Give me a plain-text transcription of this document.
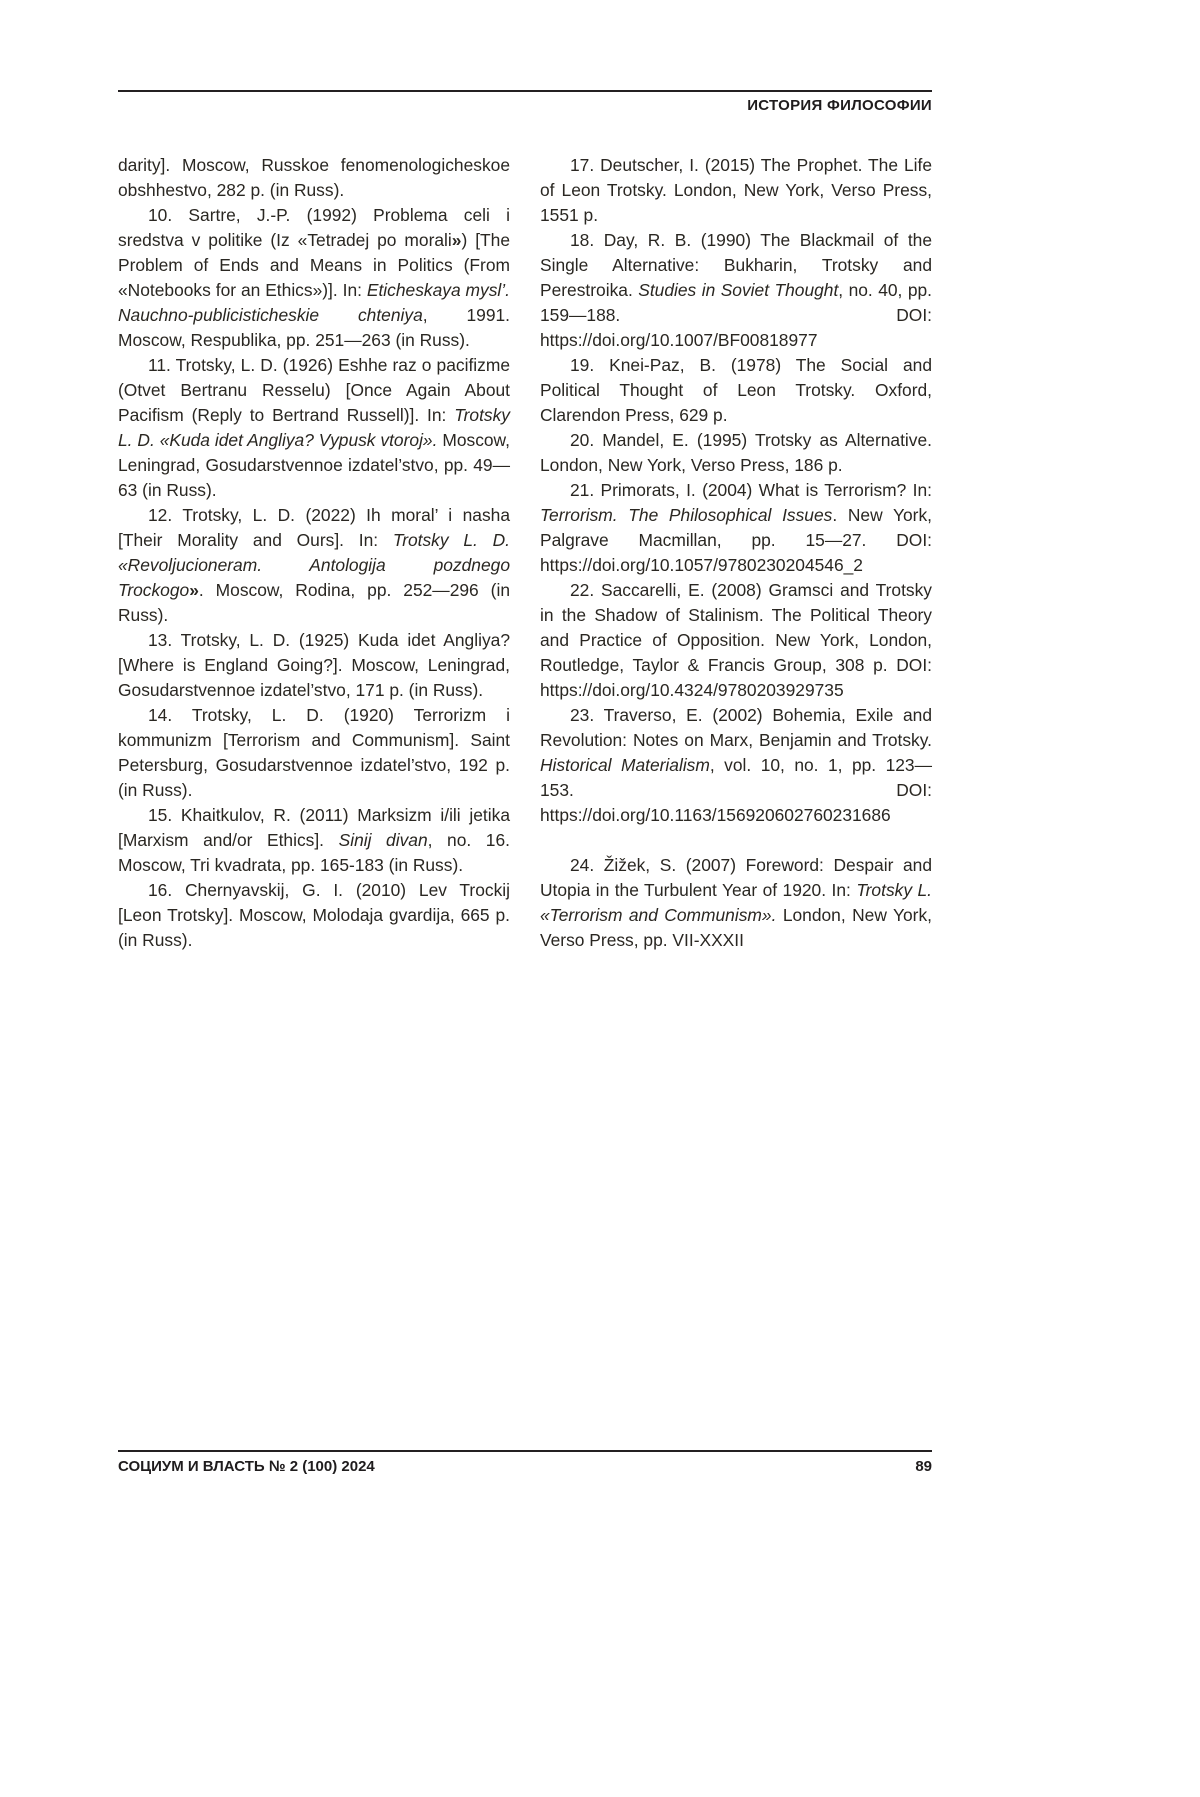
ИСТОРИЯ ФИЛОСОФИИ

darity]. Moscow, Russkoe fenomenologicheskoe obshhestvo, 282 p. (in Russ).

10. Sartre, J.-P. (1992) Problema celi i sredstva v politike (Iz «Tetradej po morali») [The Problem of Ends and Means in Politics (From «Notebooks for an Ethics»)]. In: Eticheskaya mysl’. Nauchno-publicisticheskie chteniya, 1991. Moscow, Respublika, pp. 251—263 (in Russ).

11. Trotsky, L. D. (1926) Eshhe raz o pacifizme (Otvet Bertranu Resselu) [Once Again About Pacifism (Reply to Bertrand Russell)]. In: Trotsky L. D. «Kuda idet Angliya? Vypusk vtoroj». Moscow, Leningrad, Gosudarstvennoe izdatel’stvo, pp. 49—63 (in Russ).

12. Trotsky, L. D. (2022) Ih moral’ i nasha [Their Morality and Ours]. In: Trotsky L. D. «Revoljucioneram. Antologija pozdnego Trockogo». Moscow, Rodina, pp. 252—296 (in Russ).

13. Trotsky, L. D. (1925) Kuda idet Angliya? [Where is England Going?]. Moscow, Leningrad, Gosudarstvennoe izdatel’stvo, 171 p. (in Russ).

14. Trotsky, L. D. (1920) Terrorizm i kommunizm [Terrorism and Communism]. Saint Petersburg, Gosudarstvennoe izdatel’stvo, 192 p. (in Russ).

15. Khaitkulov, R. (2011) Marksizm i/ili jetika [Marxism and/or Ethics]. Sinij divan, no. 16. Moscow, Tri kvadrata, pp. 165-183 (in Russ).

16. Chernyavskij, G. I. (2010) Lev Trockij [Leon Trotsky]. Moscow, Molodaja gvardija, 665 p. (in Russ).

17. Deutscher, I. (2015) The Prophet. The Life of Leon Trotsky. London, New York, Verso Press, 1551 p.

18. Day, R. B. (1990) The Blackmail of the Single Alternative: Bukharin, Trotsky and Perestroika. Studies in Soviet Thought, no. 40, pp. 159—188. DOI: https://doi.org/10.1007/BF00818977

19. Knei-Paz, B. (1978) The Social and Political Thought of Leon Trotsky. Oxford, Clarendon Press, 629 p.

20. Mandel, E. (1995) Trotsky as Alternative. London, New York, Verso Press, 186 p.

21. Primorats, I. (2004) What is Terrorism? In: Terrorism. The Philosophical Issues. New York, Palgrave Macmillan, pp. 15—27. DOI: https://doi.org/10.1057/9780230204546_2

22. Saccarelli, E. (2008) Gramsci and Trotsky in the Shadow of Stalinism. The Political Theory and Practice of Opposition. New York, London, Routledge, Taylor & Francis Group, 308 p. DOI: https://doi.org/10.4324/9780203929735

23. Traverso, E. (2002) Bohemia, Exile and Revolution: Notes on Marx, Benjamin and Trotsky. Historical Materialism, vol. 10, no. 1, pp. 123—153. DOI: https://doi.org/10.1163/156920602760231686

24. Žižek, S. (2007) Foreword: Despair and Utopia in the Turbulent Year of 1920. In: Trotsky L. «Terrorism and Communism». London, New York, Verso Press, pp. VII-XXXII

СОЦИУМ И ВЛАСТЬ № 2 (100) 2024	89
